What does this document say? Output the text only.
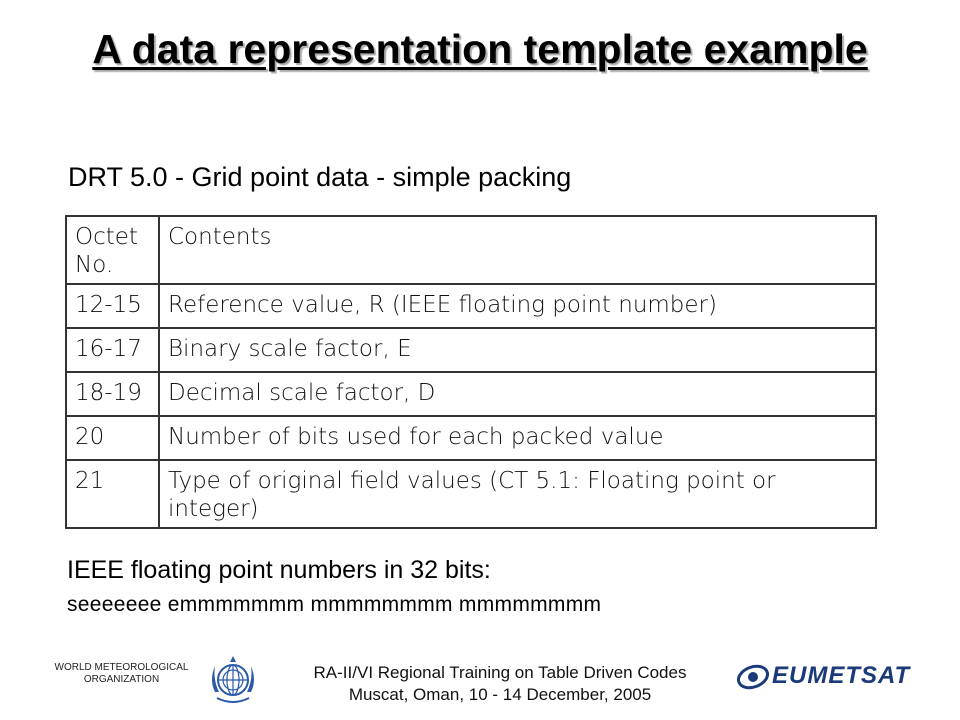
A data representation template example
DRT 5.0 - Grid point data - simple packing
Octet No.	Contents
12-15	Reference value, R (IEEE floating point number)
16-17	Binary scale factor, E
18-19	Decimal scale factor, D
20	Number of bits used for each packed value
21	Type of original field values (CT 5.1: Floating point or integer)
IEEE floating point numbers in 32 bits:
seeeeeee emmmmmmm mmmmmmmm mmmmmmmm
WORLD METEOROLOGICAL
ORGANIZATION	RA-II/VI Regional Training on Table Driven Codes
Muscat, Oman, 10 - 14 December, 2005
EUMETSAT
